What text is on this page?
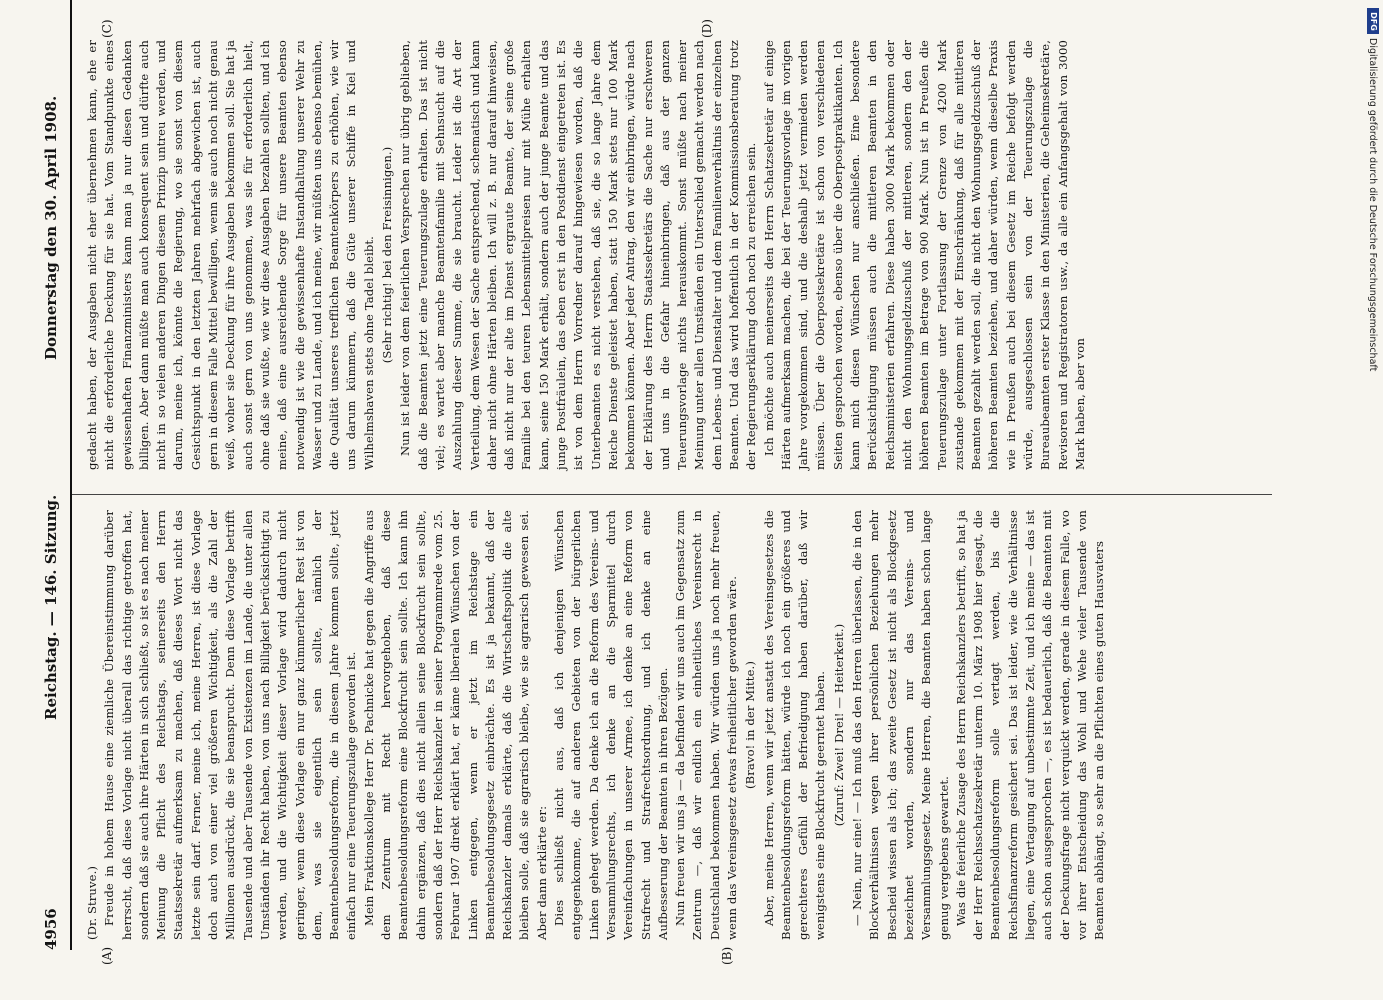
4956
Reichstag. — 146. Sitzung.
Donnerstag den 30. April 1908.
(A)	(B)
(C)	(D)

(Dr. Struve.) Freude in hohem Hause eine ziemliche Übereinstimmung darüber herrscht, daß diese Vorlage nicht überall das richtige getroffen hat, sondern daß sie auch ihre Härten in sich schließt, so ist es nach meiner Meinung die Pflicht des Reichstags, seinerseits den Herrn Staatssekretär aufmerksam zu machen, daß dieses Wort nicht das letzte sein darf. Ferner, meine ich, meine Herren, ist diese Vorlage doch auch von einer viel größeren Wichtigkeit, als die Zahl der Millionen ausdrückt, die sie beansprucht. Denn diese Vorlage betrifft Tausende und aber Tausende von Existenzen im Lande, die unter allen Umständen ihr Recht haben, von uns nach Billigkeit berücksichtigt zu werden, und die Wichtigkeit dieser Vorlage wird dadurch nicht geringer, wenn diese Vorlage ein nur ganz kümmerlicher Rest ist von dem, was sie eigentlich sein sollte, nämlich der Beamtenbesoldungsreform, die in diesem Jahre kommen sollte, jetzt einfach nur eine Teuerungszulage geworden ist. Mein Fraktionskollege Herr Dr. Pachnicke hat gegen die Angriffe aus dem Zentrum mit Recht hervorgehoben, daß diese Beamtenbesoldungsreform eine Blockfrucht sein sollte. Ich kann ihn dahin ergänzen, daß dies nicht allein seine Blockfrucht sein sollte, sondern daß der Herr Reichskanzler in seiner Programmrede vom 25. Februar 1907 direkt erklärt hat, er käme liberalen Wünschen von der Linken entgegen, wenn er jetzt im Reichstage ein Beamtenbesoldungsgesetz einbrächte. Es ist ja bekannt, daß der Reichskanzler damals erklärte, daß die Wirtschaftspolitik die alte bleiben solle, daß sie agrarisch bleibe, wie sie agrarisch gewesen sei. Aber dann erklärte er: Dies schließt nicht aus, daß ich denjenigen Wünschen entgegenkomme, die auf anderen Gebieten von der bürgerlichen Linken gehegt werden. Da denke ich an die Reform des Vereins- und Versammlungsrechts, ich denke an die Sparmittel durch Vereinfachungen in unserer Armee, ich denke an eine Reform von Strafrecht und Strafrechtsordnung, und ich denke an eine Aufbesserung der Beamten in ihren Bezügen. Nun freuen wir uns ja — da befinden wir uns auch im Gegensatz zum Zentrum —, daß wir endlich ein einheitliches Vereinsrecht in Deutschland bekommen haben. Wir würden uns ja noch mehr freuen, wenn das Vereinsgesetz etwas freiheitlicher geworden wäre. (Bravo! in der Mitte.) Aber, meine Herren, wenn wir jetzt anstatt des Vereinsgesetzes die Beamtenbesoldungsreform hätten, würde ich noch ein größeres und gerechteres Gefühl der Befriedigung haben darüber, daß wir wenigstens eine Blockfrucht geerntet haben. (Zuruf: Zwei! Drei! — Heiterkeit.) — Nein, nur eine! — Ich muß das den Herren überlassen, die in den Blockverhältnissen wegen ihrer persönlichen Beziehungen mehr Bescheid wissen als ich; das zweite Gesetz ist nicht als Blockgesetz bezeichnet worden, sondern nur das Vereins- und Versammlungsgesetz. Meine Herren, die Beamten haben schon lange genug vergebens gewartet. Was die feierliche Zusage des Herrn Reichskanzlers betrifft, so hat ja der Herr Reichsschatzsekretär unterm 10. März 1908 hier gesagt, die Beamtenbesoldungsreform solle vertagt werden, bis die Reichsfinanzreform gesichert sei. Das ist leider, wie die Verhältnisse liegen, eine Vertagung auf unbestimmte Zeit, und ich meine — das ist auch schon ausgesprochen —, es ist bedauerlich, daß die Beamten mit der Deckungsfrage nicht verquickt werden, gerade in diesem Falle, wo vor ihrer Entscheidung das Wohl und Wehe vieler Tausende von Beamten abhängt, so sehr an die Pflichten eines guten Hausvaters

gedacht haben, der Ausgaben nicht eher übernehmen kann, ehe er nicht die erforderliche Deckung für sie hat. Vom Standpunkte eines gewissenhaften Finanzministers kann man ja nur diesen Gedanken billigen. Aber dann müßte man auch konsequent sein und dürfte auch nicht in so vielen anderen Dingen diesem Prinzip untreu werden, und darum, meine ich, könnte die Regierung, wo sie sonst von diesem Gesichtspunkt in den letzten Jahren mehrfach abgewichen ist, auch gern in diesem Falle Mittel bewilligen, wenn sie auch noch nicht genau weiß, woher sie Deckung für ihre Ausgaben bekommen soll. Sie hat ja auch sonst gern von uns genommen, was sie für erforderlich hielt, ohne daß sie wußte, wie wir diese Ausgaben bezahlen sollten, und ich meine, daß eine ausreichende Sorge für unsere Beamten ebenso notwendig ist wie die gewissenhafte Instandhaltung unserer Wehr zu Wasser und zu Lande, und ich meine, wir müßten uns ebenso bemühen, die Qualität unseres trefflichen Beamtenkörpers zu erhöhen, wie wir uns darum kümmern, daß die Güte unserer Schiffe in Kiel und Wilhelmshaven stets ohne Tadel bleibt. (Sehr richtig! bei den Freisinnigen.) Nun ist leider von dem feierlichen Versprechen nur übrig geblieben, daß die Beamten jetzt eine Teuerungszulage erhalten. Das ist nicht viel; es wartet aber manche Beamtenfamilie mit Sehnsucht auf die Auszahlung dieser Summe, die sie braucht. Leider ist die Art der Verteilung, dem Wesen der Sache entsprechend, schematisch und kann daher nicht ohne Härten bleiben. Ich will z. B. nur darauf hinweisen, daß nicht nur der alte im Dienst ergraute Beamte, der seine große Familie bei den teuren Lebensmittelpreisen nur mit Mühe erhalten kann, seine 150 Mark erhält, sondern auch der junge Beamte und das junge Postfräulein, das eben erst in den Postdienst eingetreten ist. Es ist von dem Herrn Vorredner darauf hingewiesen worden, daß die Unterbeamten es nicht verstehen, daß sie, die so lange Jahre dem Reiche Dienste geleistet haben, statt 150 Mark stets nur 100 Mark bekommen können. Aber jeder Antrag, den wir einbringen, würde nach der Erklärung des Herrn Staatssekretärs die Sache nur erschweren und uns in die Gefahr hineinbringen, daß aus der ganzen Teuerungsvorlage nichts herauskommt. Sonst müßte nach meiner Meinung unter allen Umständen ein Unterschied gemacht werden nach dem Lebens- und Dienstalter und dem Familienverhältnis der einzelnen Beamten. Und das wird hoffentlich in der Kommissionsberatung trotz der Regierungserklärung doch noch zu erreichen sein. Ich möchte auch meinerseits den Herrn Schatzsekretär auf einige Härten aufmerksam machen, die bei der Teuerungsvorlage im vorigen Jahre vorgekommen sind, und die deshalb jetzt vermieden werden müssen. Über die Oberpostsekretäre ist schon von verschiedenen Seiten gesprochen worden, ebenso über die Oberpostpraktikanten. Ich kann mich diesen Wünschen nur anschließen. Eine besondere Berücksichtigung müssen auch die mittleren Beamten in den Reichsministerien erfahren. Diese haben 3000 Mark bekommen oder nicht den Wohnungsgeldzuschuß der mittleren, sondern den der höheren Beamten im Betrage von 900 Mark. Nun ist in Preußen die Teuerungszulage unter Fortlassung der Grenze von 4200 Mark zustande gekommen mit der Einschränkung, daß für alle mittleren Beamten gezahlt werden soll, die nicht den Wohnungsgeldzuschuß der höheren Beamten beziehen, und daher würden, wenn dieselbe Praxis wie in Preußen auch bei diesem Gesetz im Reiche befolgt werden würde, ausgeschlossen sein von der Teuerungszulage die Bureaubeamten erster Klasse in den Ministerien, die Geheimsekretäre, Revisoren und Registratoren usw., da alle ein Anfangsgehalt von 3000 Mark haben, aber von

DFG
Digitalisierung gefördert durch die Deutsche Forschungsgemeinschaft
